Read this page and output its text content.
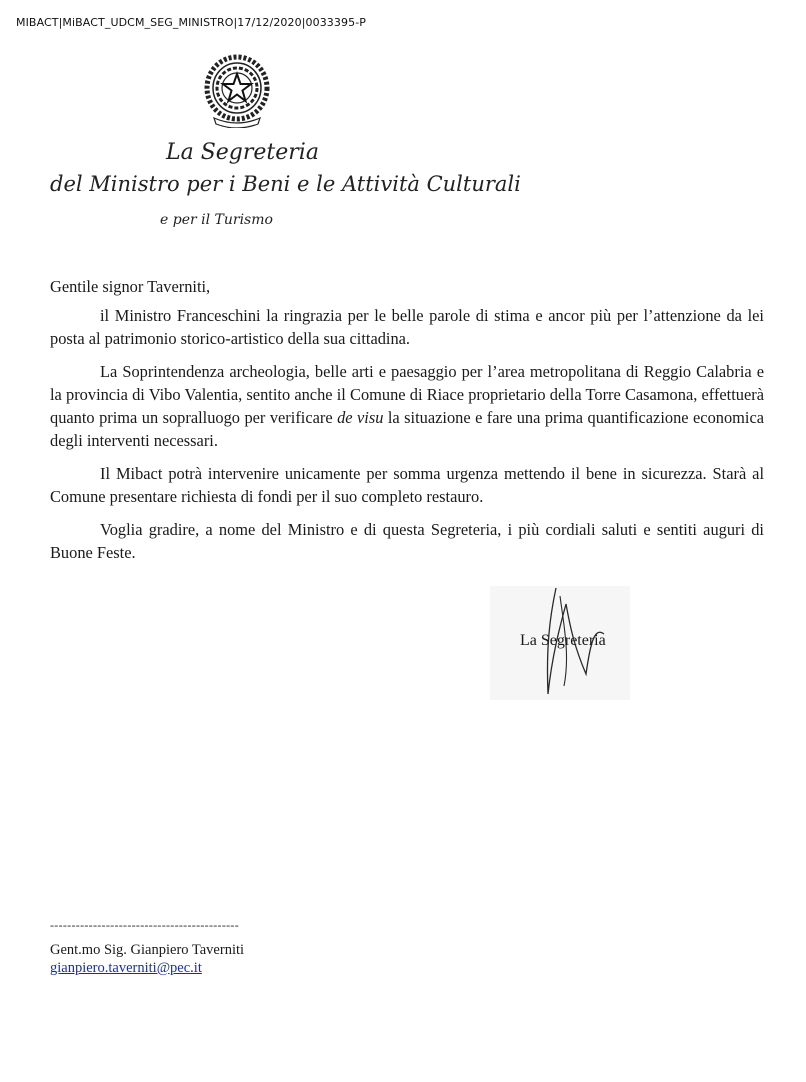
MIBACT|MiBACT_UDCM_SEG_MINISTRO|17/12/2020|0033395-P
La Segreteria
del Ministro per i Beni e le Attività Culturali
e per il Turismo
Gentile signor Taverniti,

il Ministro Franceschini la ringrazia per le belle parole di stima e ancor più per l’attenzione da lei posta al patrimonio storico-artistico della sua cittadina.

La Soprintendenza archeologia, belle arti e paesaggio per l’area metropolitana di Reggio Calabria e la provincia di Vibo Valentia, sentito anche il Comune di Riace proprietario della Torre Casamona, effettuerà quanto prima un sopralluogo per verificare de visu la situazione e fare una prima quantificazione economica degli interventi necessari.

Il Mibact potrà intervenire unicamente per somma urgenza mettendo il bene in sicurezza. Starà al Comune presentare richiesta di fondi per il suo completo restauro.

Voglia gradire, a nome del Ministro e di questa Segreteria, i più cordiali saluti e sentiti auguri di Buone Feste.

La Segreteria
--------------------------------------------
Gent.mo Sig. Gianpiero Taverniti
gianpiero.taverniti@pec.it
